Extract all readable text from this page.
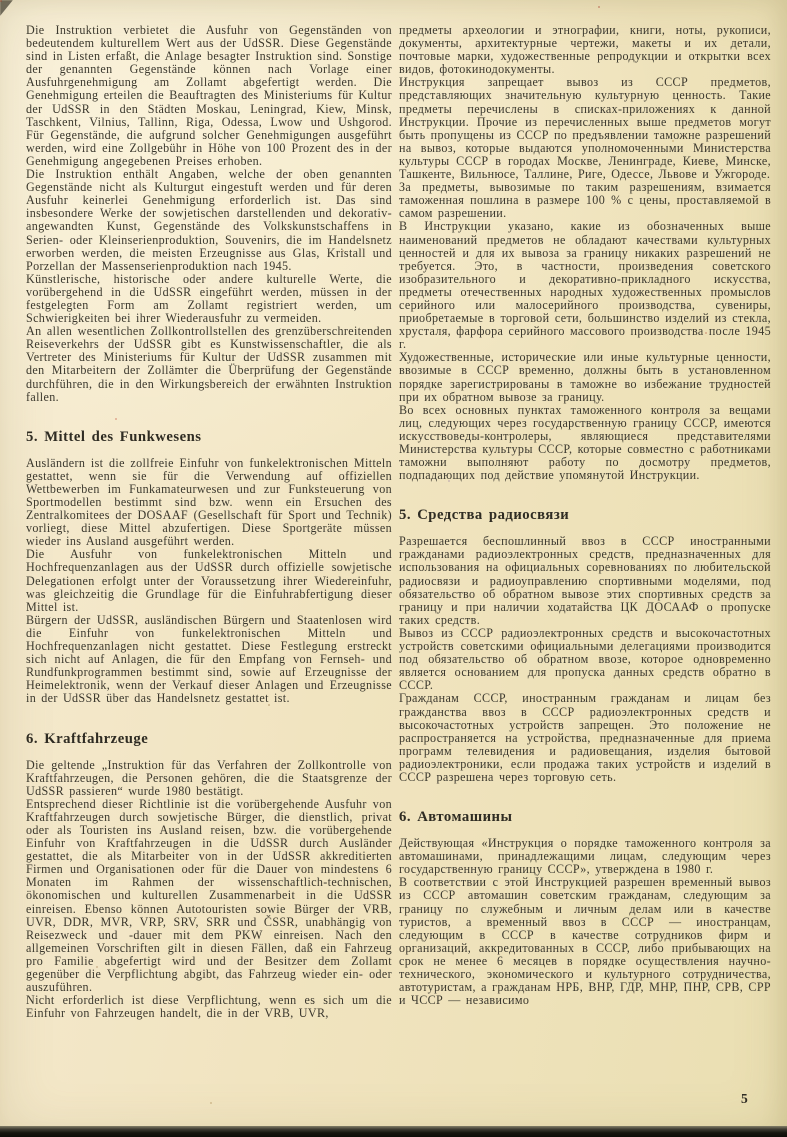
Die Instruktion verbietet die Ausfuhr von Gegenständen von bedeutendem kulturellem Wert aus der UdSSR. Diese Gegenstände sind in Listen erfaßt, die Anlage besagter Instruktion sind. Sonstige der genannten Gegenstände können nach Vorlage einer Ausfuhrgenehmigung am Zollamt abgefertigt werden. Die Genehmigung erteilen die Beauftragten des Ministeriums für Kultur der UdSSR in den Städten Moskau, Leningrad, Kiew, Minsk, Taschkent, Vilnius, Tallinn, Riga, Odessa, Lwow und Ushgorod. Für Gegenstände, die aufgrund solcher Genehmigungen ausgeführt werden, wird eine Zollgebühr in Höhe von 100 Prozent des in der Genehmigung angegebenen Preises erhoben.

Die Instruktion enthält Angaben, welche der oben genannten Gegenstände nicht als Kulturgut eingestuft werden und für deren Ausfuhr keinerlei Genehmigung erforderlich ist. Das sind insbesondere Werke der sowjetischen darstellenden und dekorativ-angewandten Kunst, Gegenstände des Volkskunstschaffens in Serien- oder Kleinserienproduktion, Souvenirs, die im Handelsnetz erworben werden, die meisten Erzeugnisse aus Glas, Kristall und Porzellan der Massenserienproduktion nach 1945.

Künstlerische, historische oder andere kulturelle Werte, die vorübergehend in die UdSSR eingeführt werden, müssen in der festgelegten Form am Zollamt registriert werden, um Schwierigkeiten bei ihrer Wiederausfuhr zu vermeiden.

An allen wesentlichen Zollkontrollstellen des grenzüberschreitenden Reiseverkehrs der UdSSR gibt es Kunstwissenschaftler, die als Vertreter des Ministeriums für Kultur der UdSSR zusammen mit den Mitarbeitern der Zollämter die Überprüfung der Gegenstände durchführen, die in den Wirkungsbereich der erwähnten Instruktion fallen.

5. Mittel des Funkwesens

Ausländern ist die zollfreie Einfuhr von funkelektronischen Mitteln gestattet, wenn sie für die Verwendung auf offiziellen Wettbewerben im Funkamateurwesen und zur Funksteuerung von Sportmodellen bestimmt sind bzw. wenn ein Ersuchen des Zentralkomitees der DOSAAF (Gesellschaft für Sport und Technik) vorliegt, diese Mittel abzufertigen. Diese Sportgeräte müssen wieder ins Ausland ausgeführt werden.

Die Ausfuhr von funkelektronischen Mitteln und Hochfrequenzanlagen aus der UdSSR durch offizielle sowjetische Delegationen erfolgt unter der Voraussetzung ihrer Wiedereinfuhr, was gleichzeitig die Grundlage für die Einfuhrabfertigung dieser Mittel ist.

Bürgern der UdSSR, ausländischen Bürgern und Staatenlosen wird die Einfuhr von funkelektronischen Mitteln und Hochfrequenzanlagen nicht gestattet. Diese Festlegung erstreckt sich nicht auf Anlagen, die für den Empfang von Fernseh- und Rundfunkprogrammen bestimmt sind, sowie auf Erzeugnisse der Heimelektronik, wenn der Verkauf dieser Anlagen und Erzeugnisse in der UdSSR über das Handelsnetz gestattet ist.

6. Kraftfahrzeuge

Die geltende „Instruktion für das Verfahren der Zollkontrolle von Kraftfahrzeugen, die Personen gehören, die die Staatsgrenze der UdSSR passieren“ wurde 1980 bestätigt.

Entsprechend dieser Richtlinie ist die vorübergehende Ausfuhr von Kraftfahrzeugen durch sowjetische Bürger, die dienstlich, privat oder als Touristen ins Ausland reisen, bzw. die vorübergehende Einfuhr von Kraftfahrzeugen in die UdSSR durch Ausländer gestattet, die als Mitarbeiter von in der UdSSR akkreditierten Firmen und Organisationen oder für die Dauer von mindestens 6 Monaten im Rahmen der wissenschaftlich-technischen, ökonomischen und kulturellen Zusammenarbeit in die UdSSR einreisen. Ebenso können Autotouristen sowie Bürger der VRB, UVR, DDR, MVR, VRP, SRV, SRR und ČSSR, unabhängig von Reisezweck und -dauer mit dem PKW einreisen. Nach den allgemeinen Vorschriften gilt in diesen Fällen, daß ein Fahrzeug pro Familie abgefertigt wird und der Besitzer dem Zollamt gegenüber die Verpflichtung abgibt, das Fahrzeug wieder ein- oder auszuführen.

Nicht erforderlich ist diese Verpflichtung, wenn es sich um die Einfuhr von Fahrzeugen handelt, die in der VRB, UVR,

предметы археологии и этнографии, книги, ноты, рукописи, документы, архитектурные чертежи, макеты и их детали, почтовые марки, художественные репродукции и открытки всех видов, фотокинодокументы.

Инструкция запрещает вывоз из СССР предметов, представляющих значительную культурную ценность. Такие предметы перечислены в списках-приложениях к данной Инструкции. Прочие из перечисленных выше предметов могут быть пропущены из СССР по предъявлении таможне разрешений на вывоз, которые выдаются уполномоченными Министерства культуры СССР в городах Москве, Ленинграде, Киеве, Минске, Ташкенте, Вильнюсе, Таллине, Риге, Одессе, Львове и Ужгороде.

За предметы, вывозимые по таким разрешениям, взимается таможенная пошлина в размере 100 % с цены, проставляемой в самом разрешении.

В Инструкции указано, какие из обозначенных выше наименований предметов не обладают качествами культурных ценностей и для их вывоза за границу никаких разрешений не требуется. Это, в частности, произведения советского изобразительного и декоративно-прикладного искусства, предметы отечественных народных художественных промыслов серийного или малосерийного производства, сувениры, приобретаемые в торговой сети, большинство изделий из стекла, хрусталя, фарфора серийного массового производства после 1945 г.

Художественные, исторические или иные культурные ценности, ввозимые в СССР временно, должны быть в установленном порядке зарегистрированы в таможне во избежание трудностей при их обратном вывозе за границу.

Во всех основных пунктах таможенного контроля за вещами лиц, следующих через государственную границу СССР, имеются искусствоведы-контролеры, являющиеся представителями Министерства культуры СССР, которые совместно с работниками таможни выполняют работу по досмотру предметов, подпадающих под действие упомянутой Инструкции.

5. Средства радиосвязи

Разрешается беспошлинный ввоз в СССР иностранными гражданами радиоэлектронных средств, предназначенных для использования на официальных соревнованиях по любительской радиосвязи и радиоуправлению спортивными моделями, под обязательство об обратном вывозе этих спортивных средств за границу и при наличии ходатайства ЦК ДОСААФ о пропуске таких средств.

Вывоз из СССР радиоэлектронных средств и высокочастотных устройств советскими официальными делегациями производится под обязательство об обратном ввозе, которое одновременно является основанием для пропуска данных средств обратно в СССР.

Гражданам СССР, иностранным гражданам и лицам без гражданства ввоз в СССР радиоэлектронных средств и высокочастотных устройств запрещен. Это положение не распространяется на устройства, предназначенные для приема программ телевидения и радиовещания, изделия бытовой радиоэлектроники, если продажа таких устройств и изделий в СССР разрешена через торговую сеть.

6. Автомашины

Действующая «Инструкция о порядке таможенного контроля за автомашинами, принадлежащими лицам, следующим через государственную границу СССР», утверждена в 1980 г.

В соответствии с этой Инструкцией разрешен временный вывоз из СССР автомашин советским гражданам, следующим за границу по служебным и личным делам или в качестве туристов, а временный ввоз в СССР — иностранцам, следующим в СССР в качестве сотрудников фирм и организаций, аккредитованных в СССР, либо прибывающих на срок не менее 6 месяцев в порядке осуществления научно-технического, экономического и культурного сотрудничества, автотуристам, а гражданам НРБ, ВНР, ГДР, МНР, ПНР, СРВ, СРР и ЧССР — независимо

5
